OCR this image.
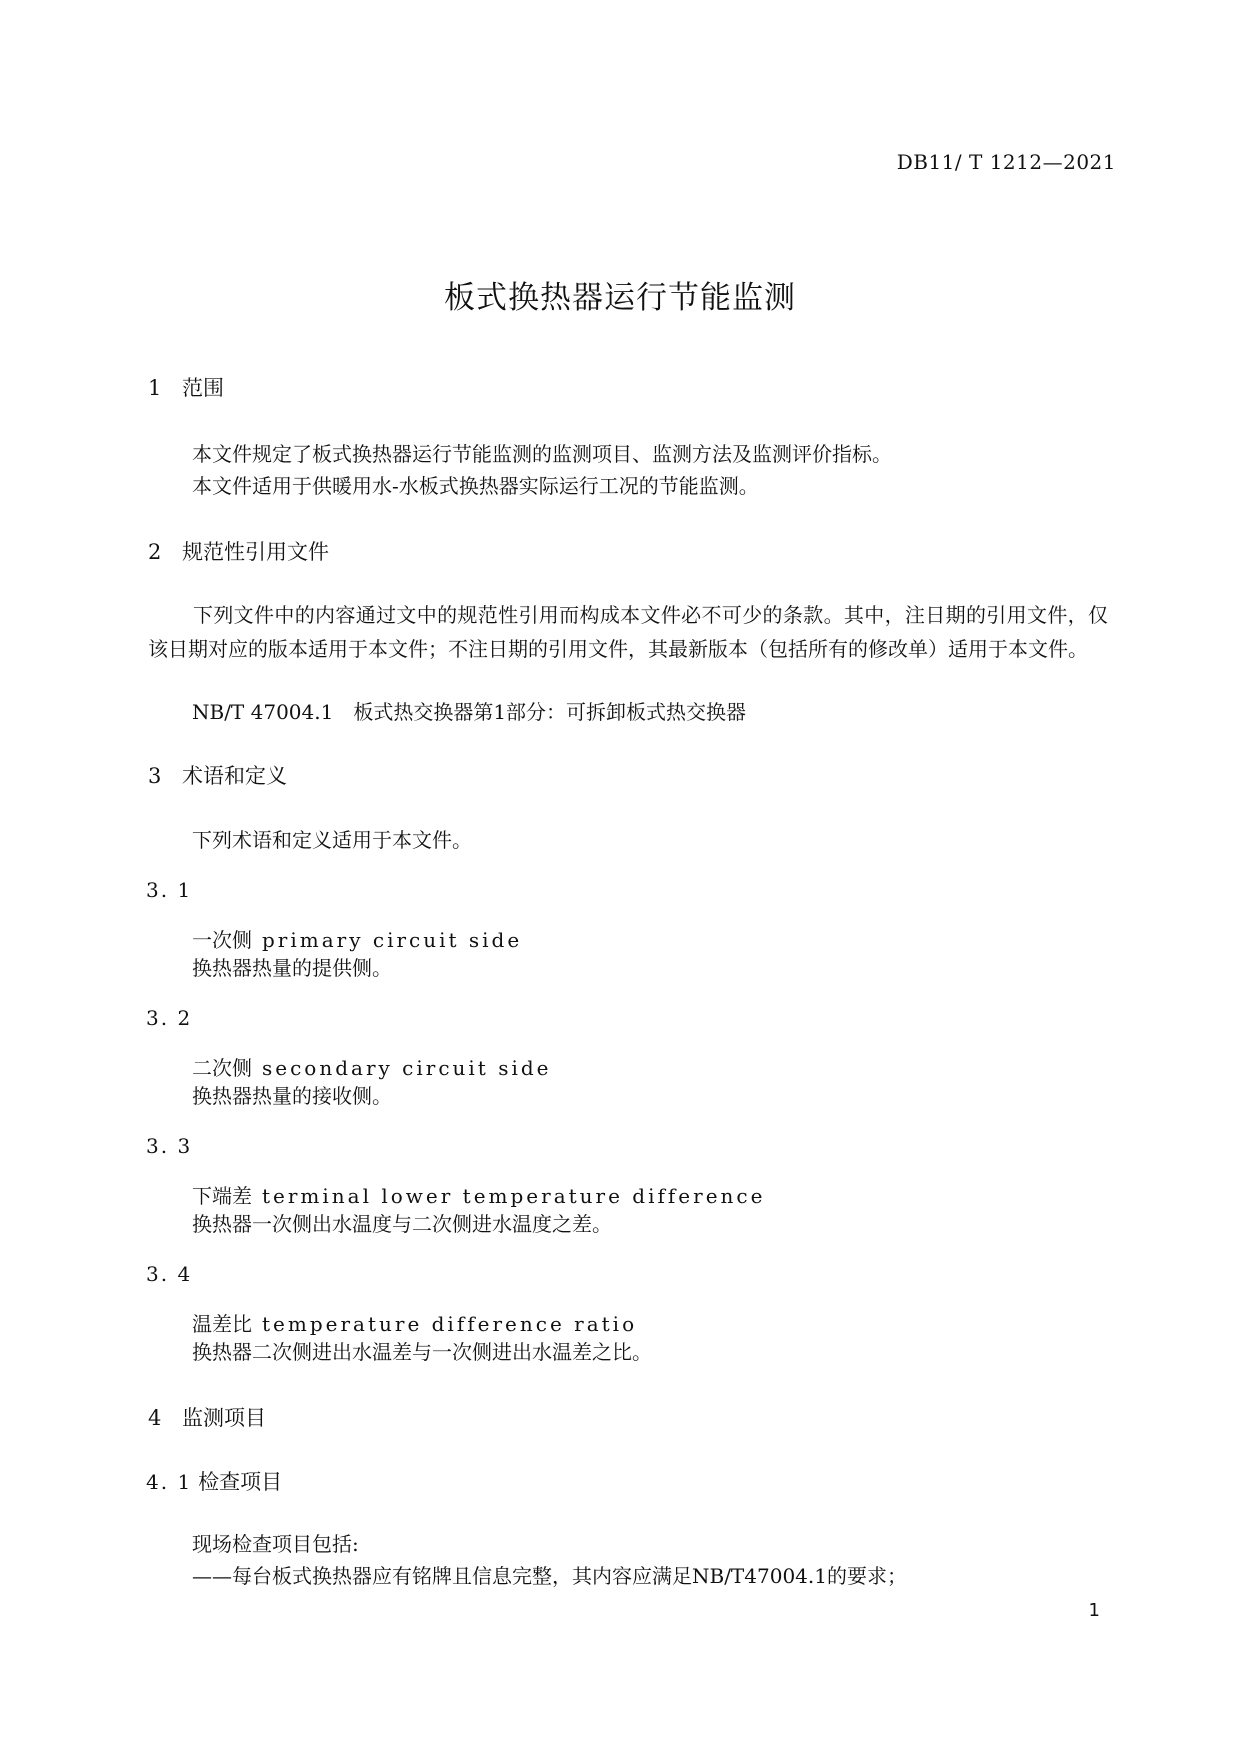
DB11/ T 1212—2021
板式换热器运行节能监测
1 范围
本文件规定了板式换热器运行节能监测的监测项目、监测方法及监测评价指标。
本文件适用于供暖用水-水板式换热器实际运行工况的节能监测。
2 规范性引用文件
下列文件中的内容通过文中的规范性引用而构成本文件必不可少的条款。其中，注日期的引用文件，仅该日期对应的版本适用于本文件；不注日期的引用文件，其最新版本（包括所有的修改单）适用于本文件。
NB/T 47004.1　板式热交换器第1部分：可拆卸板式热交换器
3 术语和定义
下列术语和定义适用于本文件。
3. 1
一次侧 primary circuit side
换热器热量的提供侧。
3. 2
二次侧 secondary circuit side
换热器热量的接收侧。
3. 3
下端差 terminal lower temperature difference
换热器一次侧出水温度与二次侧进水温度之差。
3. 4
温差比 temperature difference ratio
换热器二次侧进出水温差与一次侧进出水温差之比。
4 监测项目
4. 1 检查项目
现场检查项目包括:
——每台板式换热器应有铭牌且信息完整，其内容应满足NB/T47004.1的要求；
1
